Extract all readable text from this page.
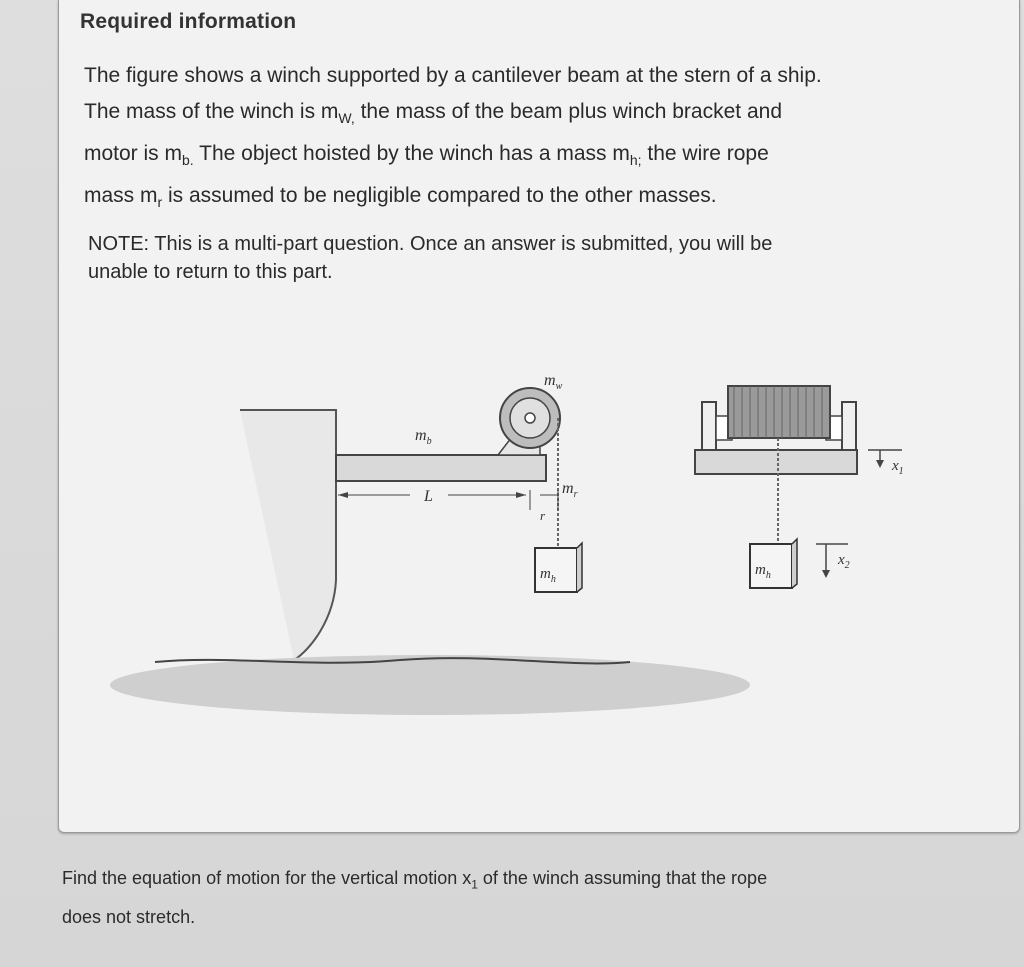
Required information
The figure shows a winch supported by a cantilever beam at the stern of a ship.
The mass of the winch is $m_{W,}$ the mass of the beam plus winch bracket and
motor is $m_{b.}$ The object hoisted by the winch has a mass $m_{h;}$ the wire rope
mass $m_r$ is assumed to be negligible compared to the other masses.
NOTE: This is a multi-part question. Once an answer is submitted, you will be
unable to return to this part.
$m_w$
$m_b$
L	$m_r$
r
$m_h$
$m_h$
$x_1$
$x_2$
Find the equation of motion for the vertical motion $x_1$ of the winch assuming that the rope
does not stretch.
